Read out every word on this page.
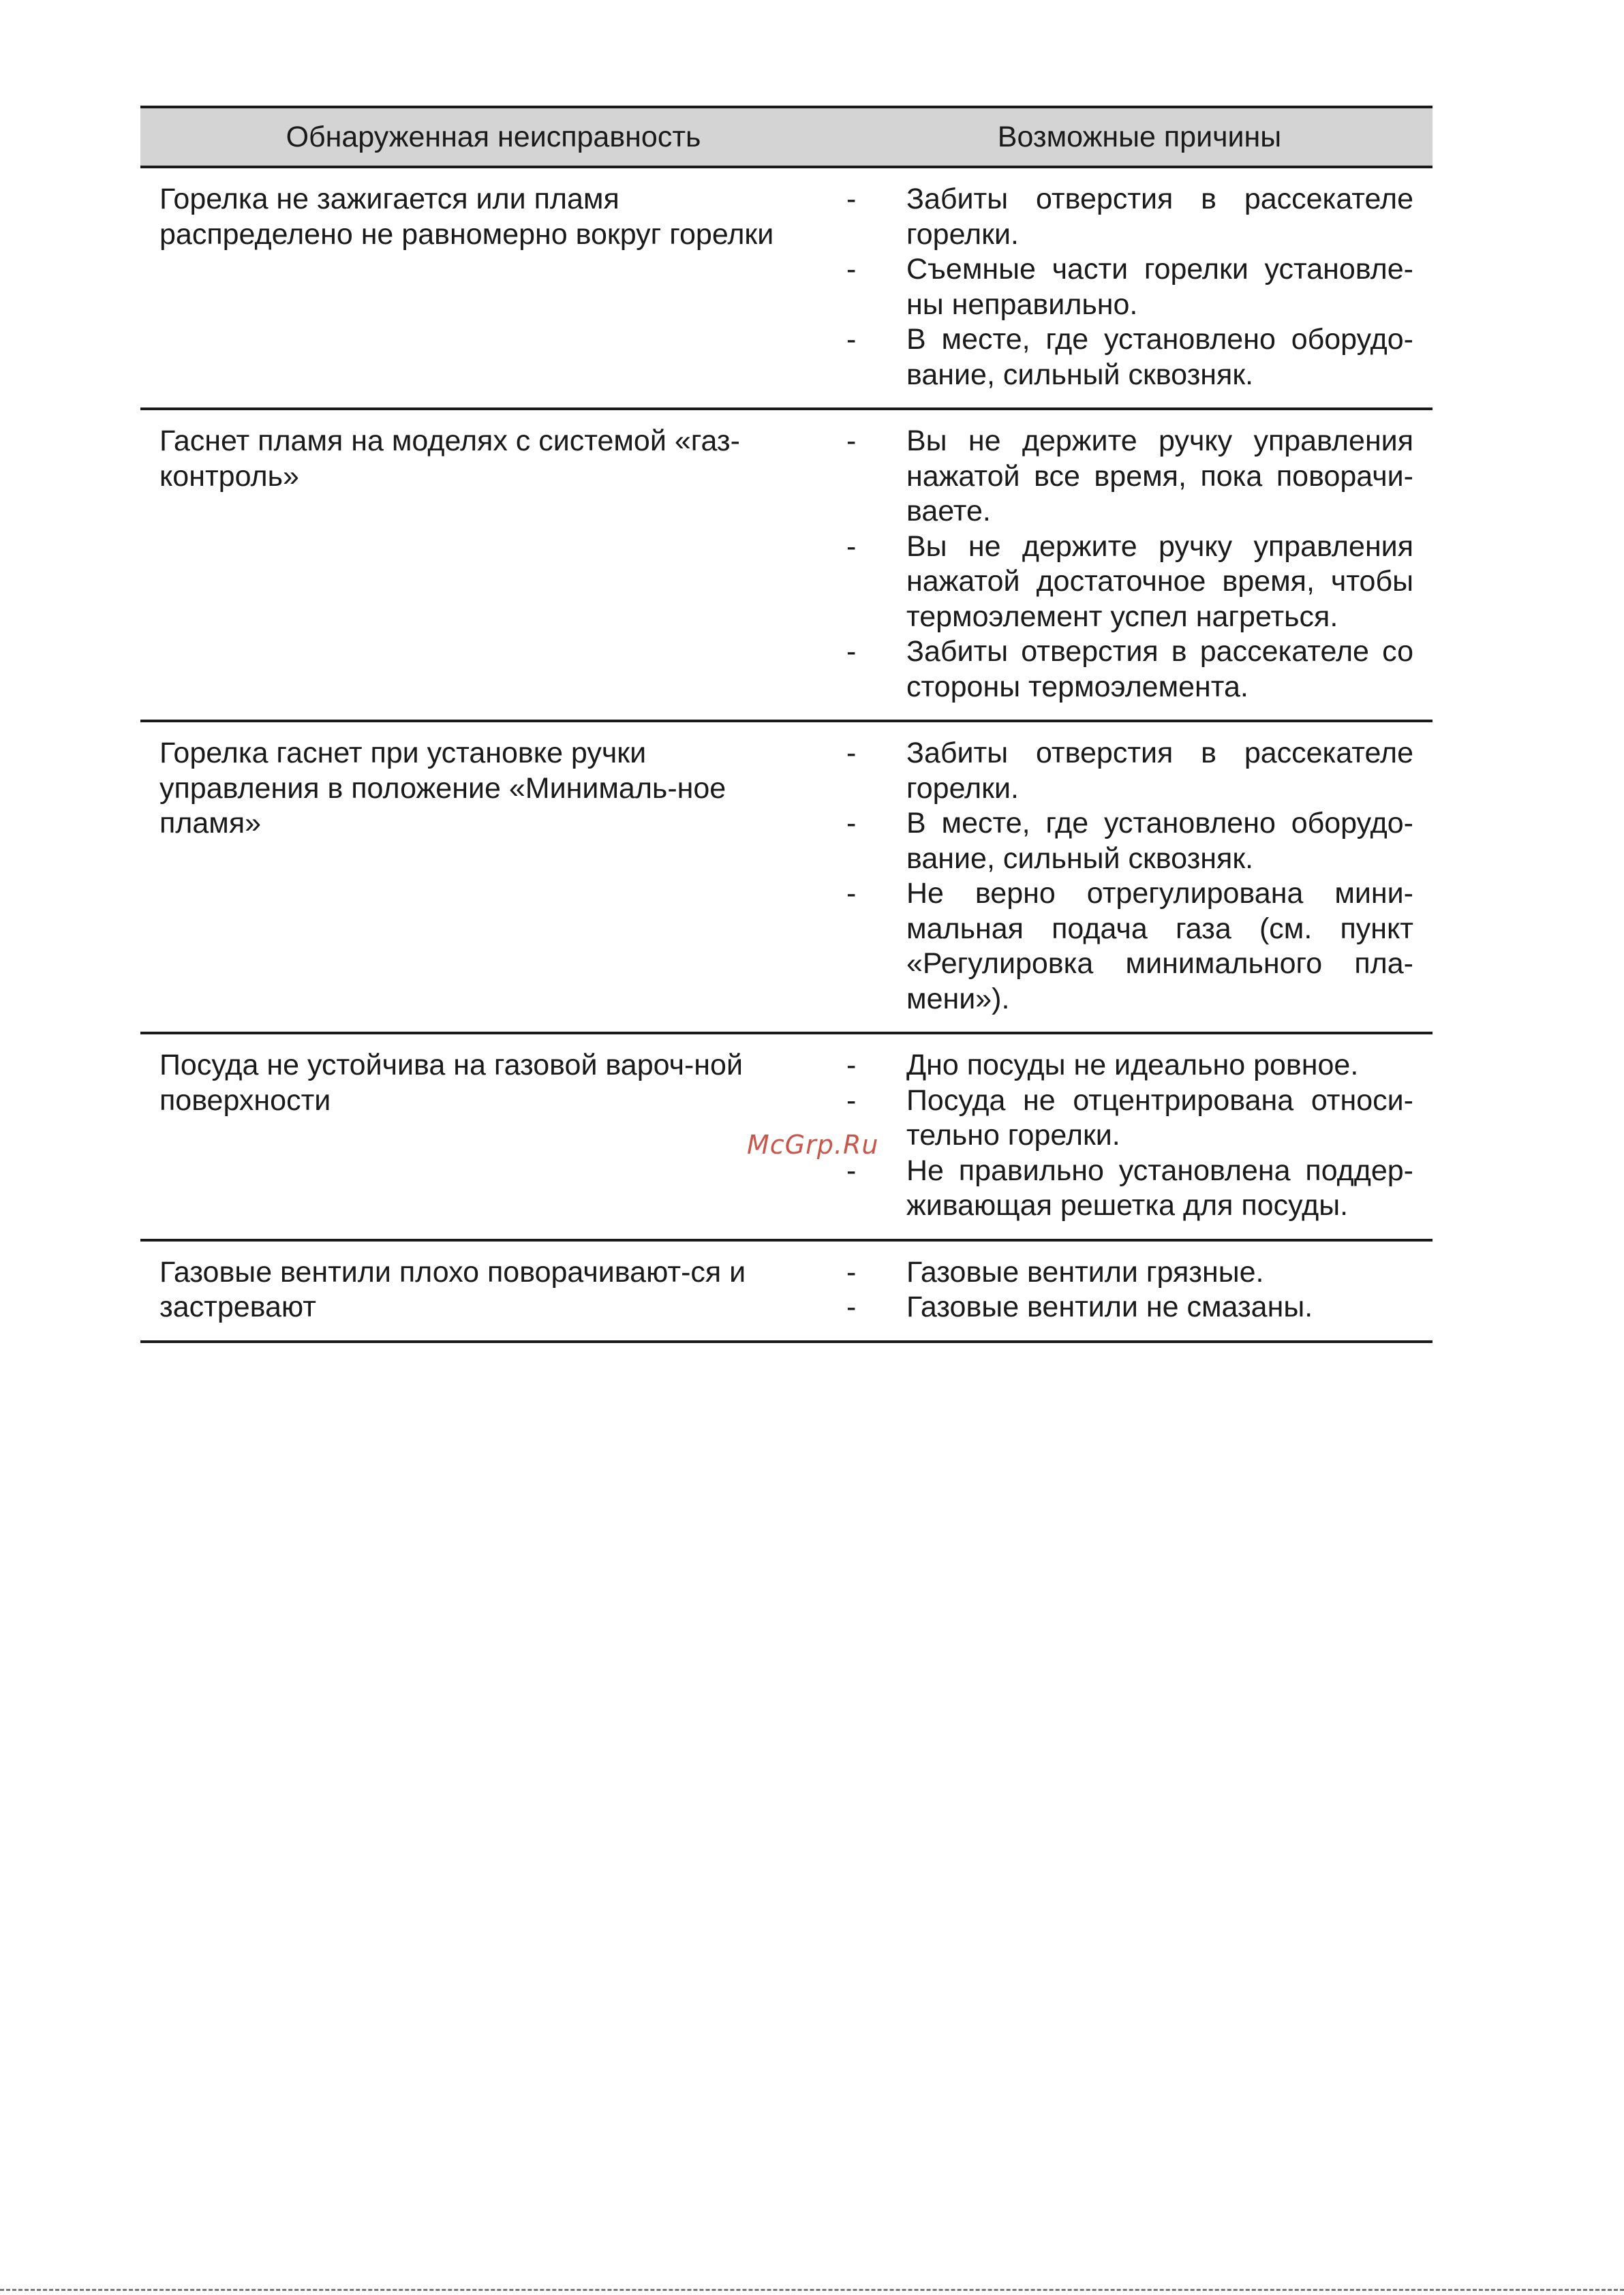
Обнаруженная неисправность	Возможные причины
Горелка не зажигается или пламя распределено не равномерно вокруг горелки
-	Забиты отверстия в рассекателе горелки.
-	Съемные части горелки установле-ны неправильно.
-	В месте, где установлено оборудо-вание, сильный сквозняк.
Гаснет пламя на моделях с системой «газ-контроль»
-	Вы не держите ручку управления нажатой все время, пока поворачи-ваете.
-	Вы не держите ручку управления нажатой достаточное время, чтобы термоэлемент успел нагреться.
-	Забиты отверстия в рассекателе со стороны термоэлемента.
Горелка гаснет при установке ручки управления в положение «Минималь-ное пламя»
-	Забиты отверстия в рассекателе горелки.
-	В месте, где установлено оборудо-вание, сильный сквозняк.
-	Не верно отрегулирована мини-мальная подача газа (см. пункт «Регулировка минимального пла-мени»).
Посуда не устойчива на газовой вароч-ной поверхности
-	Дно посуды не идеально ровное.
-	Посуда не отцентрирована относи-тельно горелки.
-	Не правильно установлена поддер-живающая решетка для посуды.
Газовые вентили плохо поворачивают-ся и застревают
-	Газовые вентили грязные.
-	Газовые вентили не смазаны.
McGrp.Ru
